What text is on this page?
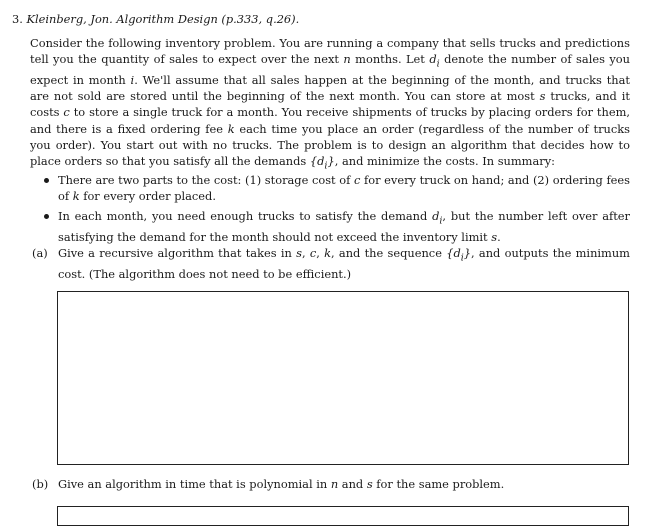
3. Kleinberg, Jon. Algorithm Design (p.333, q.26).

Consider the following inventory problem. You are running a company that sells trucks and predictions tell you the quantity of sales to expect over the next n months. Let $d_i$ denote the number of sales you expect in month i. We'll assume that all sales happen at the beginning of the month, and trucks that are not sold are stored until the beginning of the next month. You can store at most s trucks, and it costs c to store a single truck for a month. You receive shipments of trucks by placing orders for them, and there is a fixed ordering fee k each time you place an order (regardless of the number of trucks you order). You start out with no trucks. The problem is to design an algorithm that decides how to place orders so that you satisfy all the demands $\{d_i\}$, and minimize the costs. In summary:

There are two parts to the cost: (1) storage cost of c for every truck on hand; and (2) ordering fees of k for every order placed.
In each month, you need enough trucks to satisfy the demand $d_i$, but the number left over after satisfying the demand for the month should not exceed the inventory limit s.
(a) Give a recursive algorithm that takes in s, c, k, and the sequence $\{d_i\}$, and outputs the minimum cost. (The algorithm does not need to be efficient.)
(b) Give an algorithm in time that is polynomial in n and s for the same problem.
